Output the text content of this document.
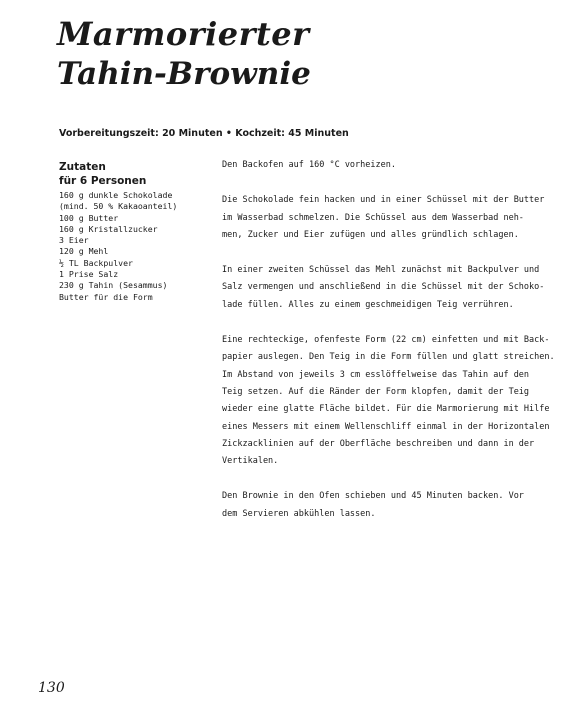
Marmorierter
Tahin-Brownie
Vorbereitungszeit: 20 Minuten • Kochzeit: 45 Minuten
Zutaten
für 6 Personen
160 g dunkle Schokolade
(mind. 50 % Kakaoanteil)
100 g Butter
160 g Kristallzucker
3 Eier
120 g Mehl
½ TL Backpulver
1 Prise Salz
230 g Tahin (Sesammus)
Butter für die Form

Den Backofen auf 160 °C vorheizen.

Die Schokolade fein hacken und in einer Schüssel mit der Butter
im Wasserbad schmelzen. Die Schüssel aus dem Wasserbad neh-
men, Zucker und Eier zufügen und alles gründlich schlagen.

In einer zweiten Schüssel das Mehl zunächst mit Backpulver und
Salz vermengen und anschließend in die Schüssel mit der Schoko-
lade füllen. Alles zu einem geschmeidigen Teig verrühren.

Eine rechteckige, ofenfeste Form (22 cm) einfetten und mit Back-
papier auslegen. Den Teig in die Form füllen und glatt streichen.
Im Abstand von jeweils 3 cm esslöffelweise das Tahin auf den
Teig setzen. Auf die Ränder der Form klopfen, damit der Teig
wieder eine glatte Fläche bildet. Für die Marmorierung mit Hilfe
eines Messers mit einem Wellenschliff einmal in der Horizontalen
Zickzacklinien auf der Oberfläche beschreiben und dann in der
Vertikalen.

Den Brownie in den Ofen schieben und 45 Minuten backen. Vor
dem Servieren abkühlen lassen.

130
